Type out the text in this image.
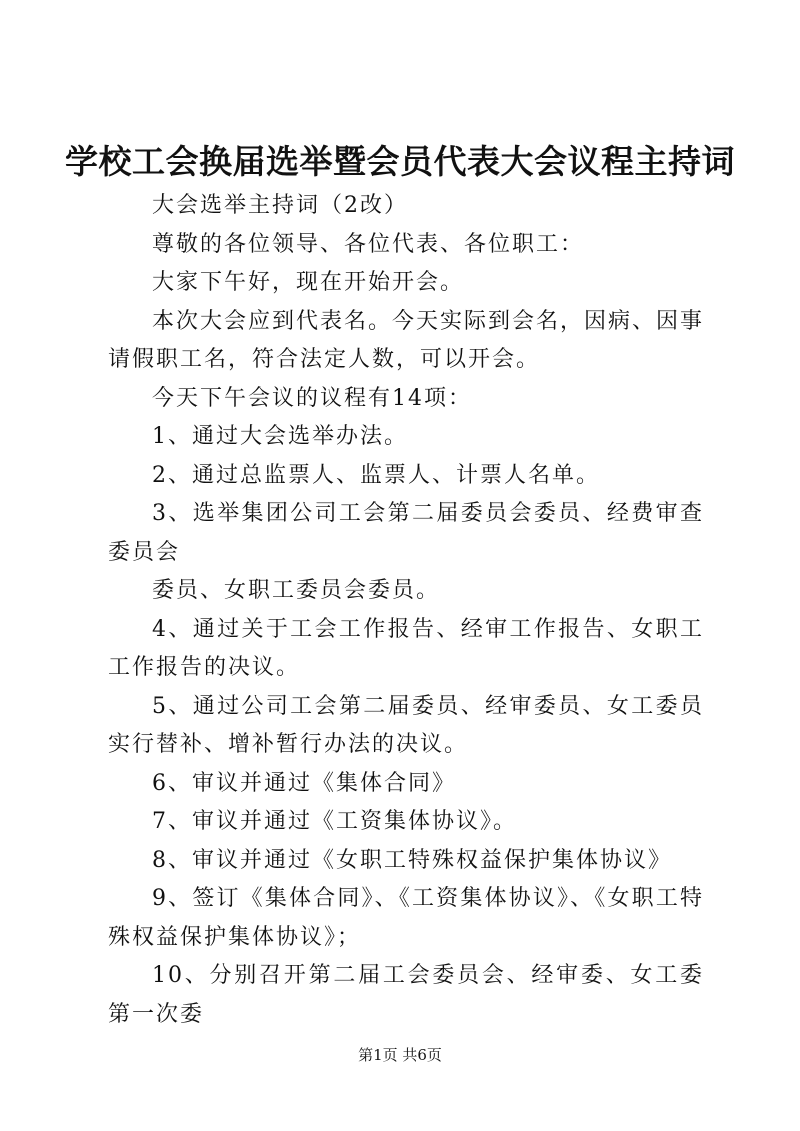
学校工会换届选举暨会员代表大会议程主持词

大会选举主持词（2改）

尊敬的各位领导、各位代表、各位职工：

大家下午好，现在开始开会。

本次大会应到代表名。今天实际到会名，因病、因事请假职工名，符合法定人数，可以开会。

今天下午会议的议程有14项：

1、通过大会选举办法。

2、通过总监票人、监票人、计票人名单。

3、选举集团公司工会第二届委员会委员、经费审查委员会

委员、女职工委员会委员。

4、通过关于工会工作报告、经审工作报告、女职工工作报告的决议。

5、通过公司工会第二届委员、经审委员、女工委员实行替补、增补暂行办法的决议。

6、审议并通过《集体合同》

7、审议并通过《工资集体协议》。

8、审议并通过《女职工特殊权益保护集体协议》

9、签订《集体合同》、《工资集体协议》、《女职工特殊权益保护集体协议》；

10、分别召开第二届工会委员会、经审委、女工委第一次委

第1页 共6页
